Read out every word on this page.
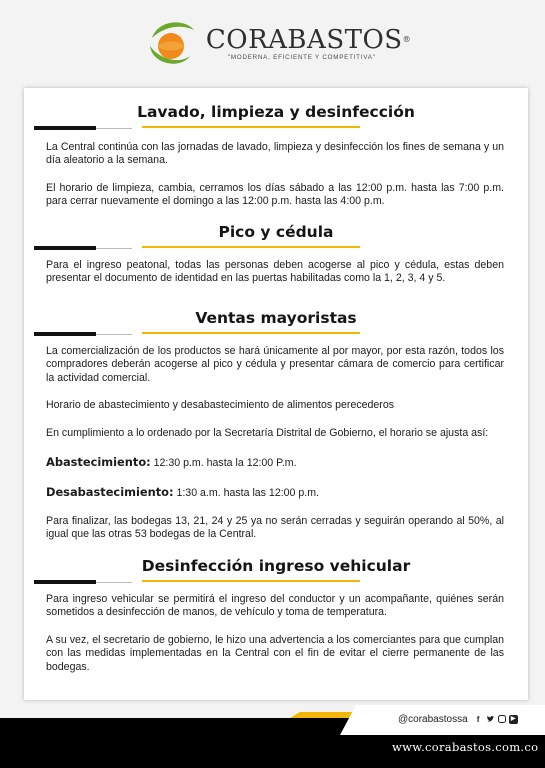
CORABASTOS®
"MODERNA, EFICIENTE Y COMPETITIVA"
Lavado, limpieza y desinfección

La Central continúa con las jornadas de lavado, limpieza y desinfección los fines de semana y un día aleatorio a la semana.

El horario de limpieza, cambia, cerramos los días sábado a las 12:00 p.m. hasta las 7:00 p.m. para cerrar nuevamente el domingo a las 12:00 p.m. hasta las 4:00 p.m.

Pico y cédula

Para el ingreso peatonal, todas las personas deben acogerse al pico y cédula, estas deben presentar el documento de identidad en las puertas habilitadas como la 1, 2, 3, 4 y 5.

Ventas mayoristas

La comercialización de los productos se hará únicamente al por mayor, por esta razón, todos los compradores deberán acogerse al pico y cédula y presentar cámara de comercio para certificar la actividad comercial.

Horario de abastecimiento y desabastecimiento de alimentos perecederos

En cumplimiento a lo ordenado por la Secretaría Distrital de Gobierno, el horario se ajusta así:

Abastecimiento: 12:30 p.m. hasta la 12:00 P.m.

Desabastecimiento: 1:30 a.m. hasta las 12:00 p.m.

Para finalizar, las bodegas 13, 21, 24 y 25 ya no serán cerradas y seguirán operando al 50%, al igual que las otras 53 bodegas de la Central.

Desinfección ingreso vehicular

Para ingreso vehicular se permitirá el ingreso del conductor y un acompañante, quiénes serán sometidos a desinfección de manos, de vehículo y toma de temperatura.

A su vez, el secretario de gobierno, le hizo una advertencia a los comerciantes para que cumplan con las medidas implementadas en la Central con el fin de evitar el cierre permanente de las bodegas.

@corabastossa	f	▶
www.corabastos.com.co
